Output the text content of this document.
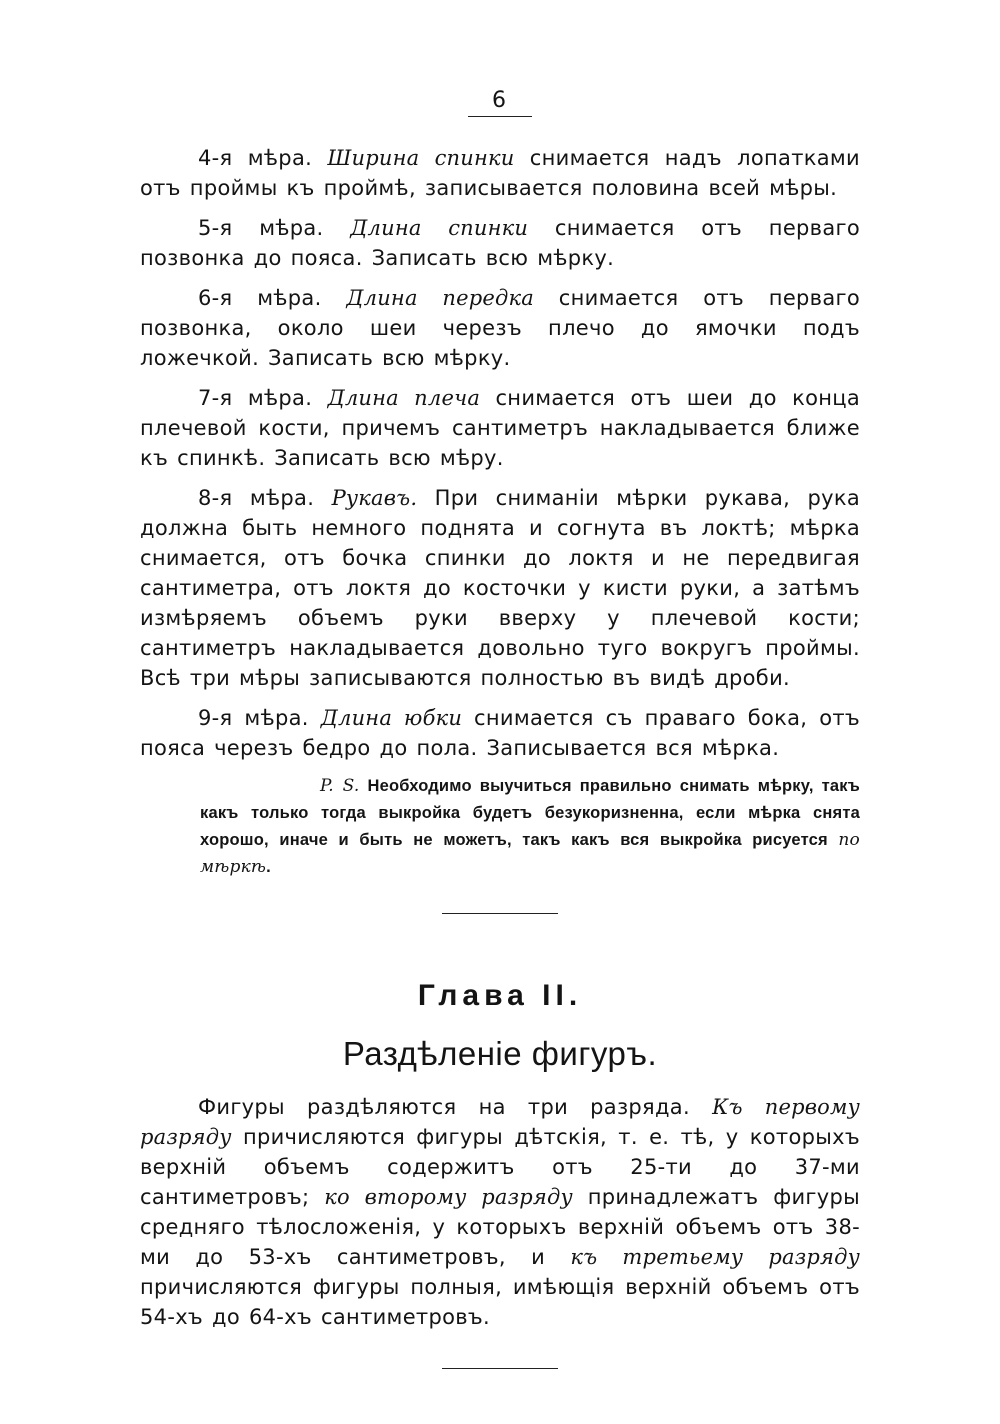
6

4-я мѣра. Ширина спинки снимается надъ лопатками отъ проймы къ проймѣ, записывается половина всей мѣры.

5-я мѣра. Длина спинки снимается отъ перваго позвонка до пояса. Записать всю мѣрку.

6-я мѣра. Длина передка снимается отъ перваго позвонка, около шеи черезъ плечо до ямочки подъ ложечкой. Записать всю мѣрку.

7-я мѣра. Длина плеча снимается отъ шеи до конца плечевой кости, причемъ сантиметръ накладывается ближе къ спинкѣ. Записать всю мѣру.

8-я мѣра. Рукавъ. При сниманiи мѣрки рукава, рука должна быть немного поднята и согнута въ локтѣ; мѣрка снимается, отъ бочка спинки до локтя и не передвигая сантиметра, отъ локтя до косточки у кисти руки, а затѣмъ измѣряемъ объемъ руки вверху у плечевой кости; сантиметръ накладывается довольно туго вокругъ проймы. Всѣ три мѣры записываются полностью въ видѣ дроби.

9-я мѣра. Длина юбки снимается съ праваго бока, отъ пояса черезъ бедро до пола. Записывается вся мѣрка.

P. S. Необходимо выучиться правильно снимать мѣрку, такъ какъ только тогда выкройка будетъ безукоризненна, если мѣрка снята хорошо, иначе и быть не можетъ, такъ какъ вся выкройка рисуется по мѣркѣ.

Глава II.
Раздѣленiе фигуръ.

Фигуры раздѣляются на три разряда. Къ первому разряду причисляются фигуры дѣтскiя, т. е. тѣ, у которыхъ верхнiй объемъ содержитъ отъ 25-ти до 37-ми сантиметровъ; ко второму разряду принадлежатъ фигуры средняго тѣлосложенiя, у которыхъ верхнiй объемъ отъ 38-ми до 53-хъ сантиметровъ, и къ третьему разряду причисляются фигуры полныя, имѣющiя верхнiй объемъ отъ 54-хъ до 64-хъ сантиметровъ.
